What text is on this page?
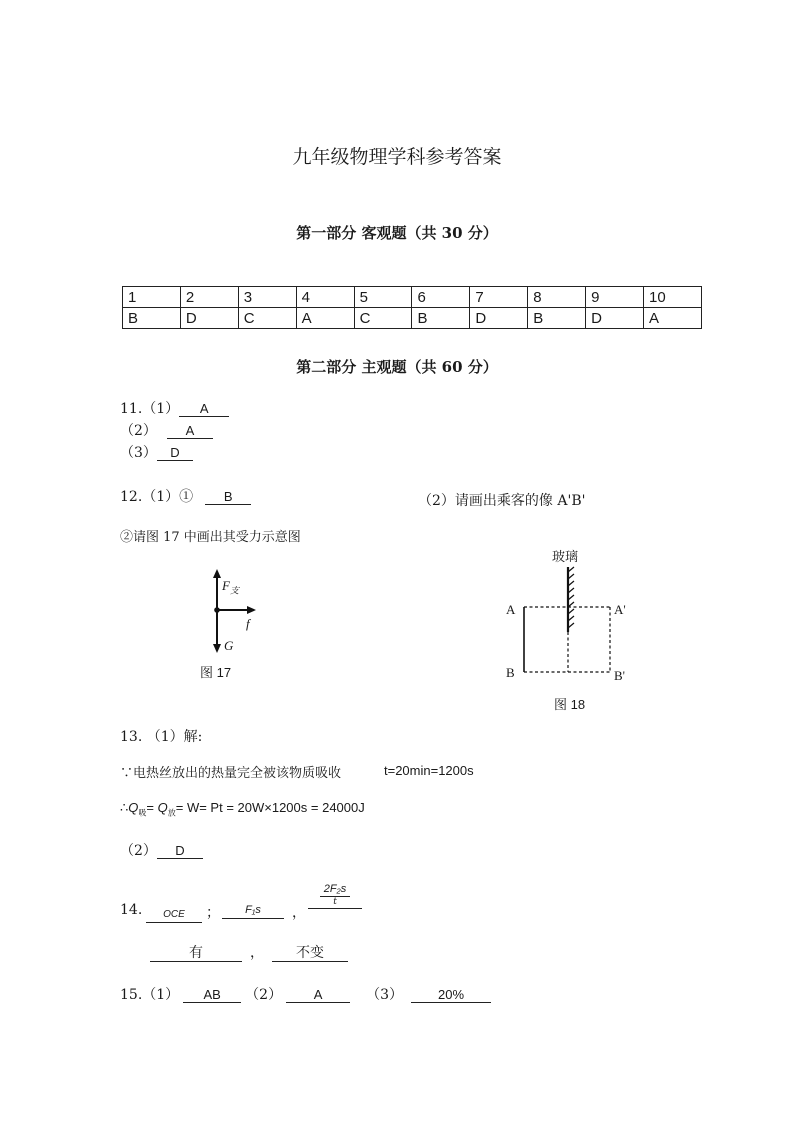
九年级物理学科参考答案
第一部分 客观题（共 30 分）
1	2	3	4	5	6	7	8	9	10
B	D	C	A	C	B	D	B	D	A
第二部分 主观题（共 60 分）
11.（1） A
（2） A
（3） D
12.（1）① B	（2）请画出乘客的像 A'B'
②请图 17 中画出其受力示意图
$F_支$
f
G
图 17
玻璃
A	A'
B	B'
图 18
13. （1）解:
∵电热丝放出的热量完全被该物质吸收	t=20min=1200s
$\therefore Q_吸= Q_放= W= Pt = 20W\times 1200s = 24000J$
（2） D
14.	OCE	；	F₁s	，
2F₂s
t
有	， 不变
15.（1） AB （2） A	（3）	20%
